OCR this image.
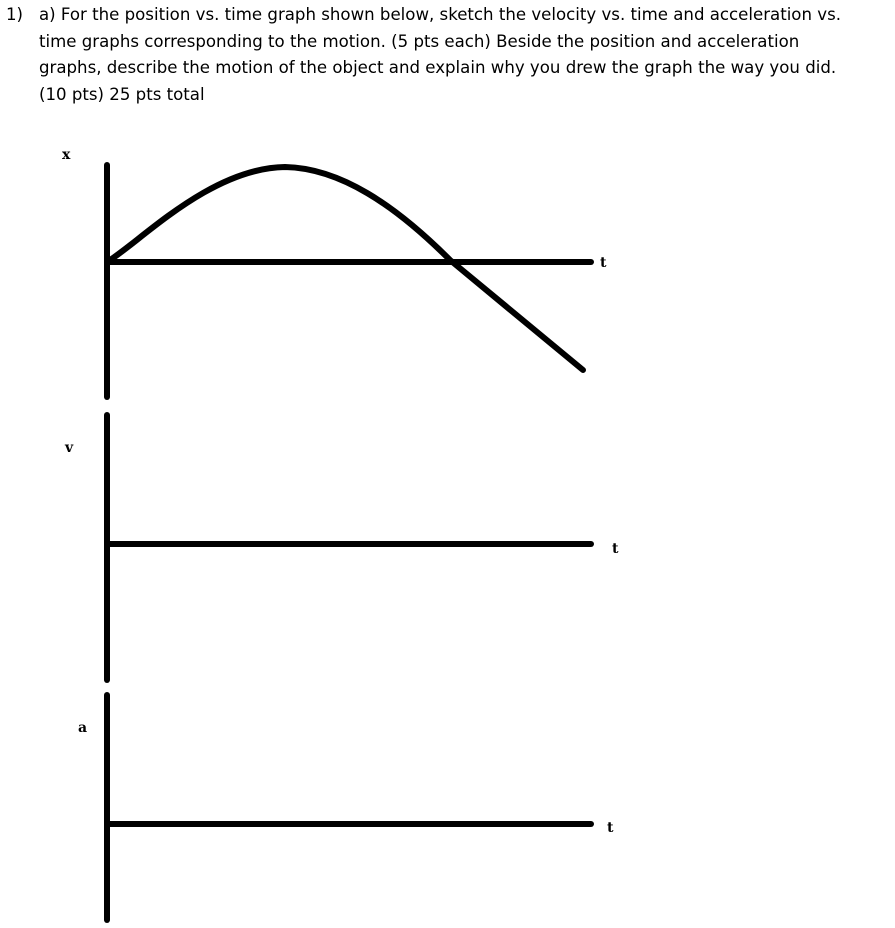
1) a) For the position vs. time graph shown below, sketch the velocity vs. time and acceleration vs.
time graphs corresponding to the motion. (5 pts each) Beside the position and acceleration
graphs, describe the motion of the object and explain why you drew the graph the way you did.
(10 pts) 25 pts total
x
t
v
t
a
t
